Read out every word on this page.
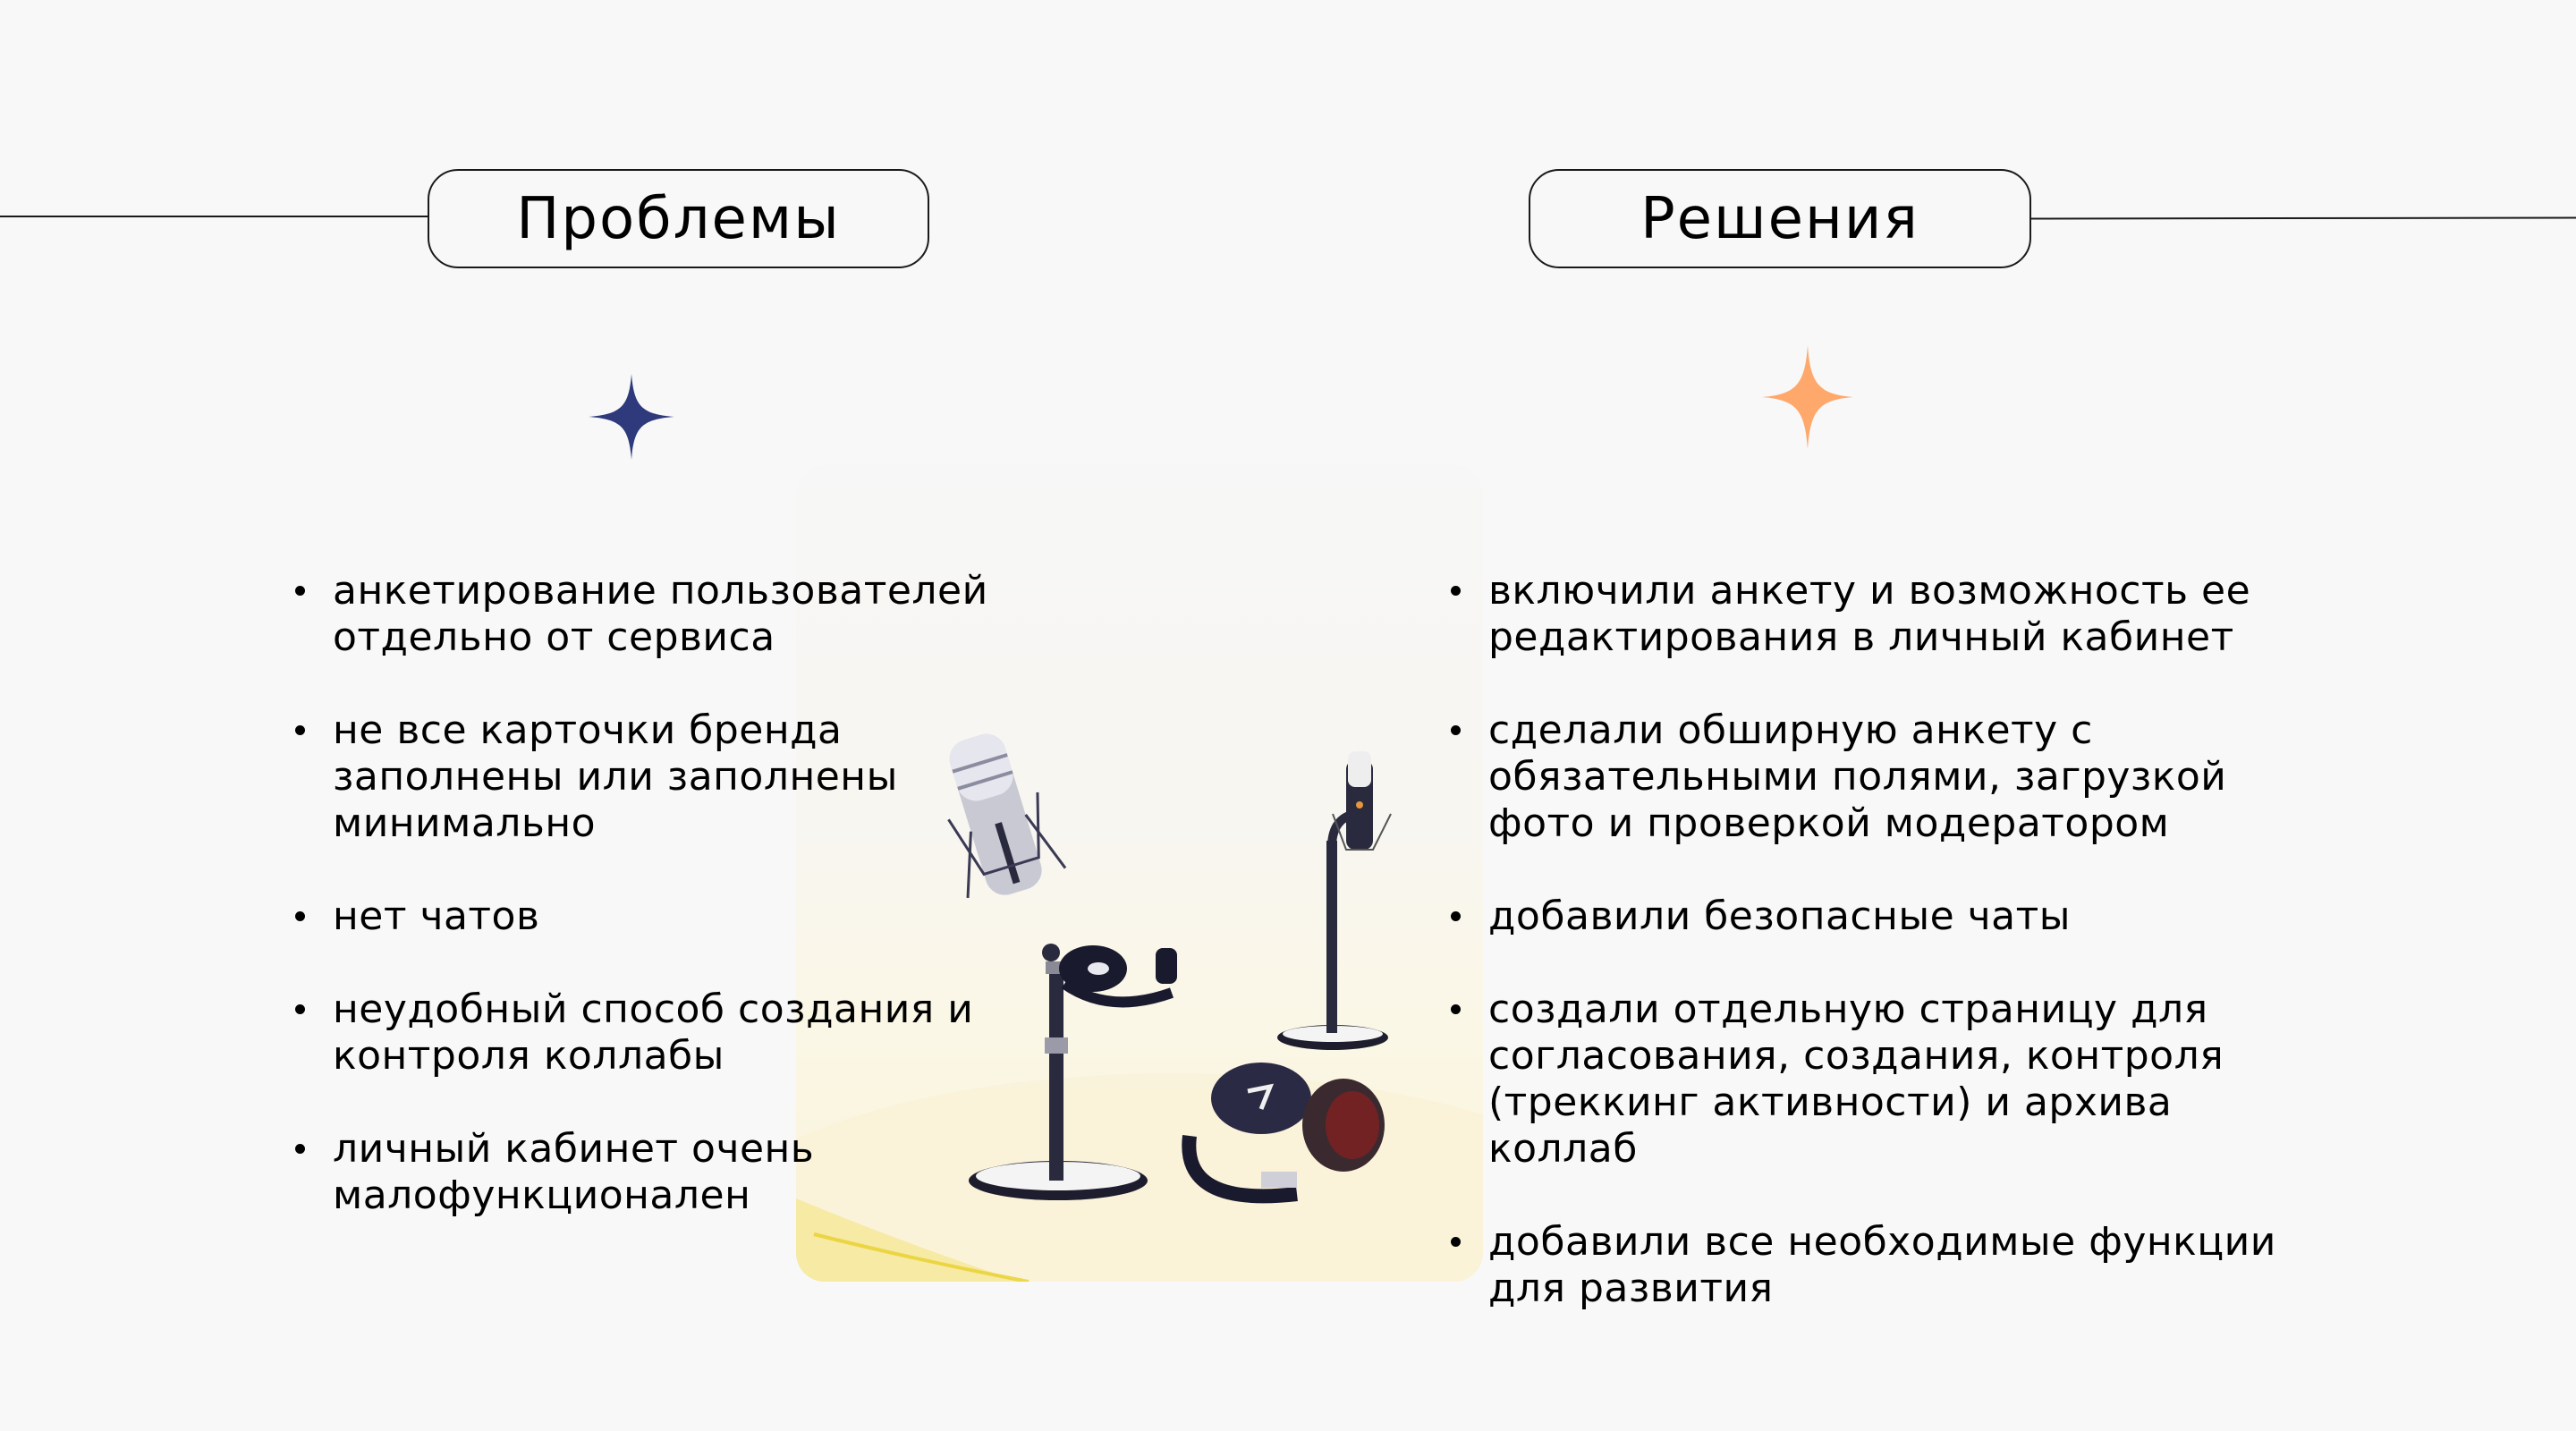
Проблемы	Решения
анкетирование пользователей отдельно от сервиса
не все карточки бренда заполнены или заполнены минимально
нет чатов
неудобный способ создания и контроля коллабы
личный кабинет очень малофункционален
включили анкету и возможность ее редактирования в личный кабинет
сделали обширную анкету с обязательными полями, загрузкой фото и проверкой модератором
добавили безопасные чаты
создали отдельную страницу для согласования, создания, контроля (треккинг активности) и архива коллаб
добавили все необходимые функции для развития
